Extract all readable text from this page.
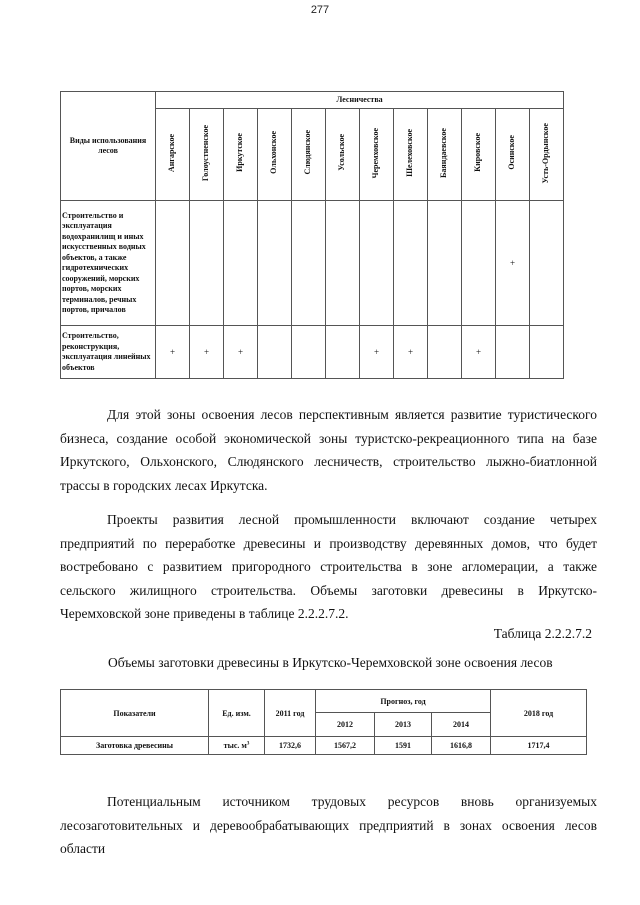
277
Виды использования лесов	Лесничества											
	Ангарское	Голоустненское	Иркутское	Ольхонское	Слюдянское	Усольское	Черемховское	Шелеховское	Баяндаевское	Кировское	Осинское	Усть-Ордынское
Строительство и эксплуатация водохранилищ и иных искусственных водных объектов, а также гидротехнических сооружений, морских портов, морских терминалов, речных портов, причалов											+	
Строительство, реконструкция, эксплуатация линейных объектов	+	+	+				+	+		+		

Для этой зоны освоения лесов перспективным является развитие туристического бизнеса, создание особой экономической зоны туристско-рекреационного типа на базе Иркутского, Ольхонского, Слюдянского лесничеств, строительство лыжно-биатлонной трассы в городских лесах Иркутска.

Проекты развития лесной промышленности включают создание четырех предприятий по переработке древесины и производству деревянных домов, что будет востребовано с развитием пригородного строительства в зоне агломерации, а также сельского жилищного строительства. Объемы заготовки древесины в Иркутско- Черемховской зоне приведены в таблице 2.2.2.7.2.

Таблица 2.2.2.7.2
Объемы заготовки древесины в Иркутско-Черемховской зоне освоения лесов
Показатели	Ед. изм.	2011 год	Прогноз, год			2018 год
			2012	2013	2014	
Заготовка древесины	тыс. $м^3$	1732,6	1567,2	1591	1616,8	1717,4

Потенциальным источником трудовых ресурсов вновь организуемых лесозаготовительных и деревообрабатывающих предприятий в зонах освоения лесов области
